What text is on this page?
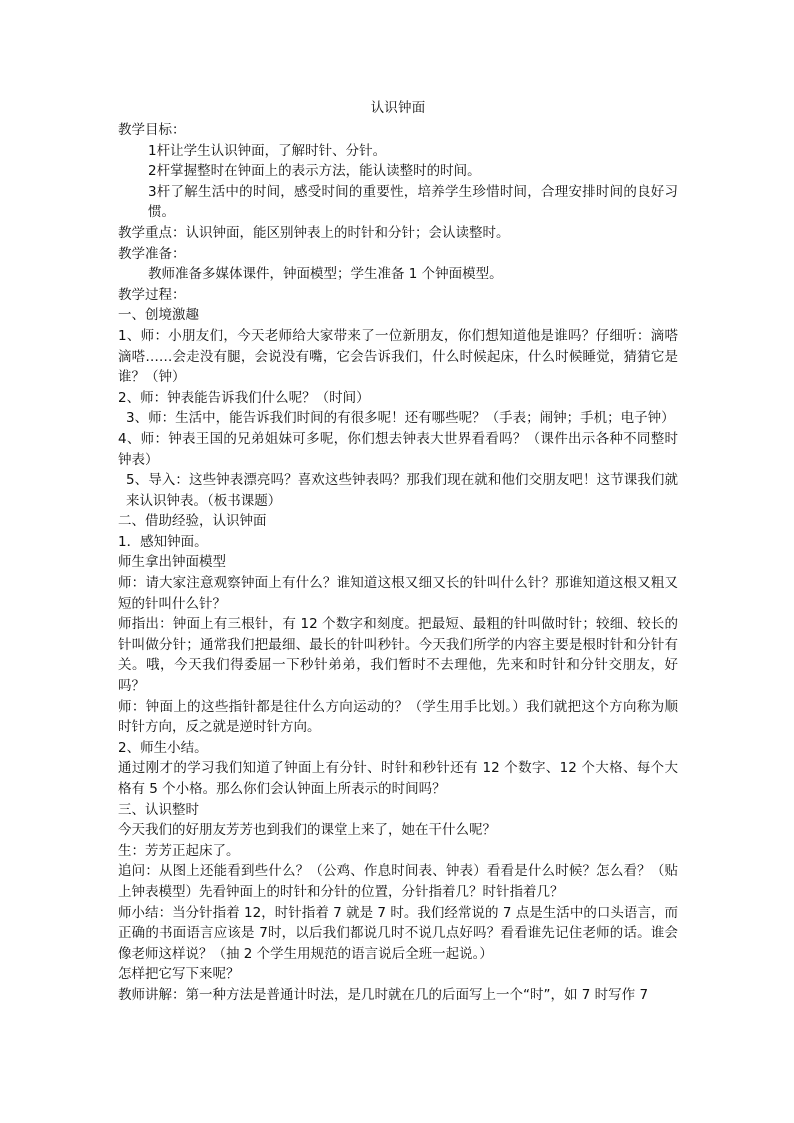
认识钟面

教学目标：

1杆让学生认识钟面，了解时针、分针。

2杆掌握整时在钟面上的表示方法，能认读整时的时间。

3杆了解生活中的时间，感受时间的重要性，培养学生珍惜时间，合理安排时间的良好习惯。

教学重点：认识钟面，能区别钟表上的时针和分针；会认读整时。

教学准备：

教师准备多媒体课件，钟面模型；学生准备 1 个钟面模型。

教学过程：

一、创境激趣

1、师：小朋友们，今天老师给大家带来了一位新朋友，你们想知道他是谁吗？仔细听：滴嗒滴嗒……会走没有腿，会说没有嘴，它会告诉我们，什么时候起床，什么时候睡觉，猜猜它是谁？（钟）

2、师：钟表能告诉我们什么呢？（时间）

3、师：生活中，能告诉我们时间的有很多呢！还有哪些呢？（手表；闹钟；手机；电子钟）

4、师：钟表王国的兄弟姐妹可多呢，你们想去钟表大世界看看吗？（课件出示各种不同整时钟表）

5、导入：这些钟表漂亮吗？喜欢这些钟表吗？那我们现在就和他们交朋友吧！这节课我们就来认识钟表。（板书课题）

二、借助经验，认识钟面

1．感知钟面。

师生拿出钟面模型

师：请大家注意观察钟面上有什么？谁知道这根又细又长的针叫什么针？那谁知道这根又粗又短的针叫什么针？

师指出：钟面上有三根针，有 12 个数字和刻度。把最短、最粗的针叫做时针；较细、较长的针叫做分针；通常我们把最细、最长的针叫秒针。今天我们所学的内容主要是根时针和分针有关。哦，今天我们得委屈一下秒针弟弟，我们暂时不去理他，先来和时针和分针交朋友，好吗？

师：钟面上的这些指针都是往什么方向运动的？（学生用手比划。）我们就把这个方向称为顺时针方向，反之就是逆时针方向。

2、师生小结。

通过刚才的学习我们知道了钟面上有分针、时针和秒针还有 12 个数字、12 个大格、每个大格有 5 个小格。那么你们会认钟面上所表示的时间吗？

三、认识整时

今天我们的好朋友芳芳也到我们的课堂上来了，她在干什么呢？

生：芳芳正起床了。

追问：从图上还能看到些什么？（公鸡、作息时间表、钟表）看看是什么时候？怎么看？（贴上钟表模型）先看钟面上的时针和分针的位置，分针指着几？时针指着几？

师小结：当分针指着 12，时针指着 7 就是 7 时。我们经常说的 7 点是生活中的口头语言，而正确的书面语言应该是 7时，以后我们都说几时不说几点好吗？看看谁先记住老师的话。谁会像老师这样说？（抽 2 个学生用规范的语言说后全班一起说。）

怎样把它写下来呢？

教师讲解：第一种方法是普通计时法，是几时就在几的后面写上一个“时”，如 7 时写作 7
